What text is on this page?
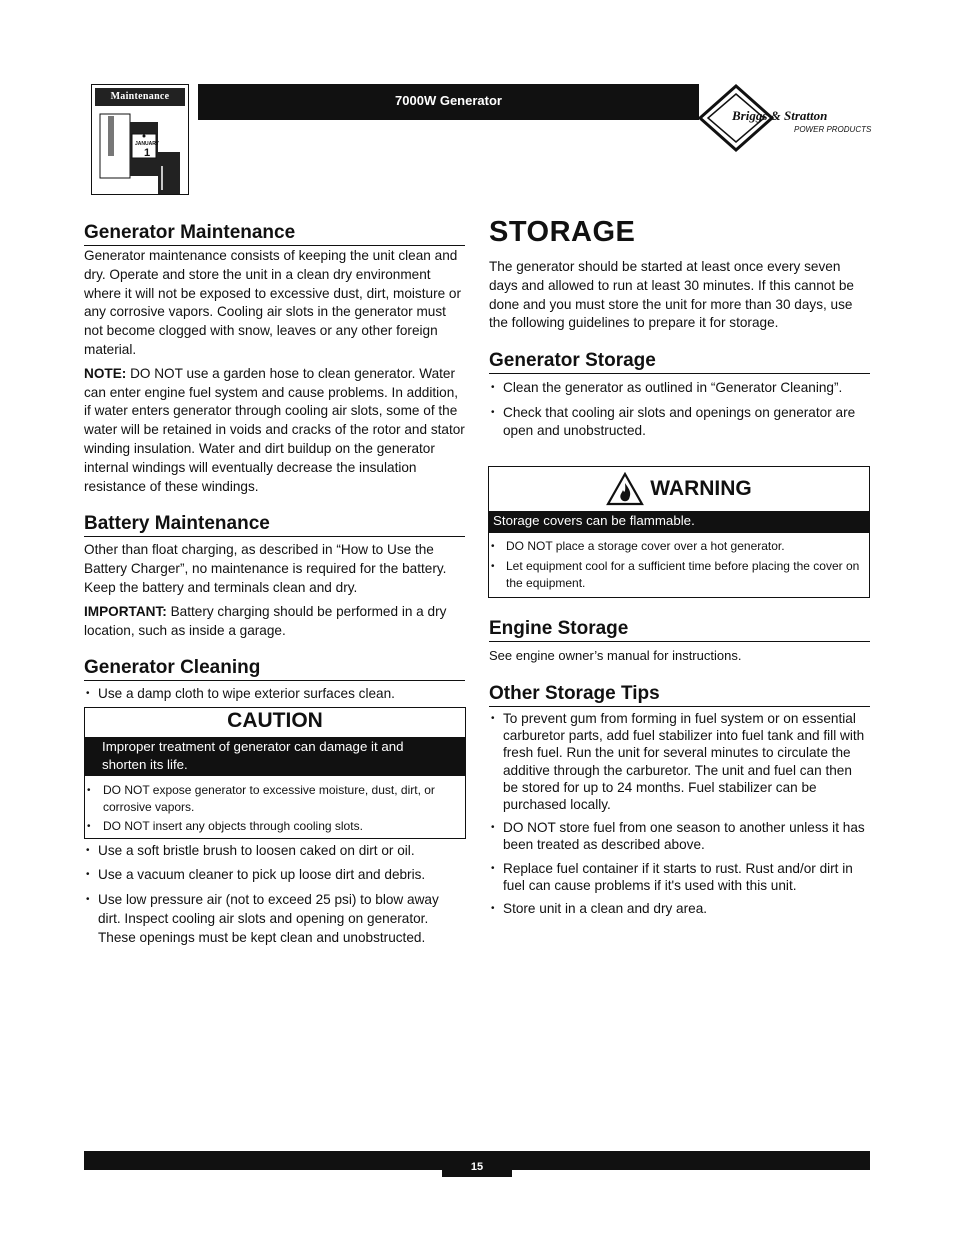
Maintenance
JANUARY
1
7000W Generator
Briggs & Stratton
POWER PRODUCTS
Generator Maintenance

Generator maintenance consists of keeping the unit clean and dry. Operate and store the unit in a clean dry environment where it will not be exposed to excessive dust, dirt, moisture or any corrosive vapors. Cooling air slots in the generator must not become clogged with snow, leaves or any other foreign material.

NOTE: DO NOT use a garden hose to clean generator. Water can enter engine fuel system and cause problems. In addition, if water enters generator through cooling air slots, some of the water will be retained in voids and cracks of the rotor and stator winding insulation. Water and dirt buildup on the generator internal windings will eventually decrease the insulation resistance of these windings.

Battery Maintenance

Other than float charging, as described in “How to Use the Battery Charger”, no maintenance is required for the battery. Keep the battery and terminals clean and dry.

IMPORTANT: Battery charging should be performed in a dry location, such as inside a garage.

Generator Cleaning
• Use a damp cloth to wipe exterior surfaces clean.
CAUTION
Improper treatment of generator can damage it and shorten its life.
• DO NOT expose generator to excessive moisture, dust, dirt, or corrosive vapors.
• DO NOT insert any objects through cooling slots.
• Use a soft bristle brush to loosen caked on dirt or oil.
• Use a vacuum cleaner to pick up loose dirt and debris.
• Use low pressure air (not to exceed 25 psi) to blow away dirt. Inspect cooling air slots and opening on generator. These openings must be kept clean and unobstructed.
STORAGE

The generator should be started at least once every seven days and allowed to run at least 30 minutes. If this cannot be done and you must store the unit for more than 30 days, use the following guidelines to prepare it for storage.

Generator Storage
• Clean the generator as outlined in “Generator Cleaning”.
• Check that cooling air slots and openings on generator are open and unobstructed.
WARNING
Storage covers can be flammable.
• DO NOT place a storage cover over a hot generator.
• Let equipment cool for a sufficient time before placing the cover on the equipment.
Engine Storage

See engine owner’s manual for instructions.

Other Storage Tips
• To prevent gum from forming in fuel system or on essential carburetor parts, add fuel stabilizer into fuel tank and fill with fresh fuel. Run the unit for several minutes to circulate the additive through the carburetor. The unit and fuel can then be stored for up to 24 months. Fuel stabilizer can be purchased locally.
• DO NOT store fuel from one season to another unless it has been treated as described above.
• Replace fuel container if it starts to rust. Rust and/or dirt in fuel can cause problems if it's used with this unit.
• Store unit in a clean and dry area.
15
